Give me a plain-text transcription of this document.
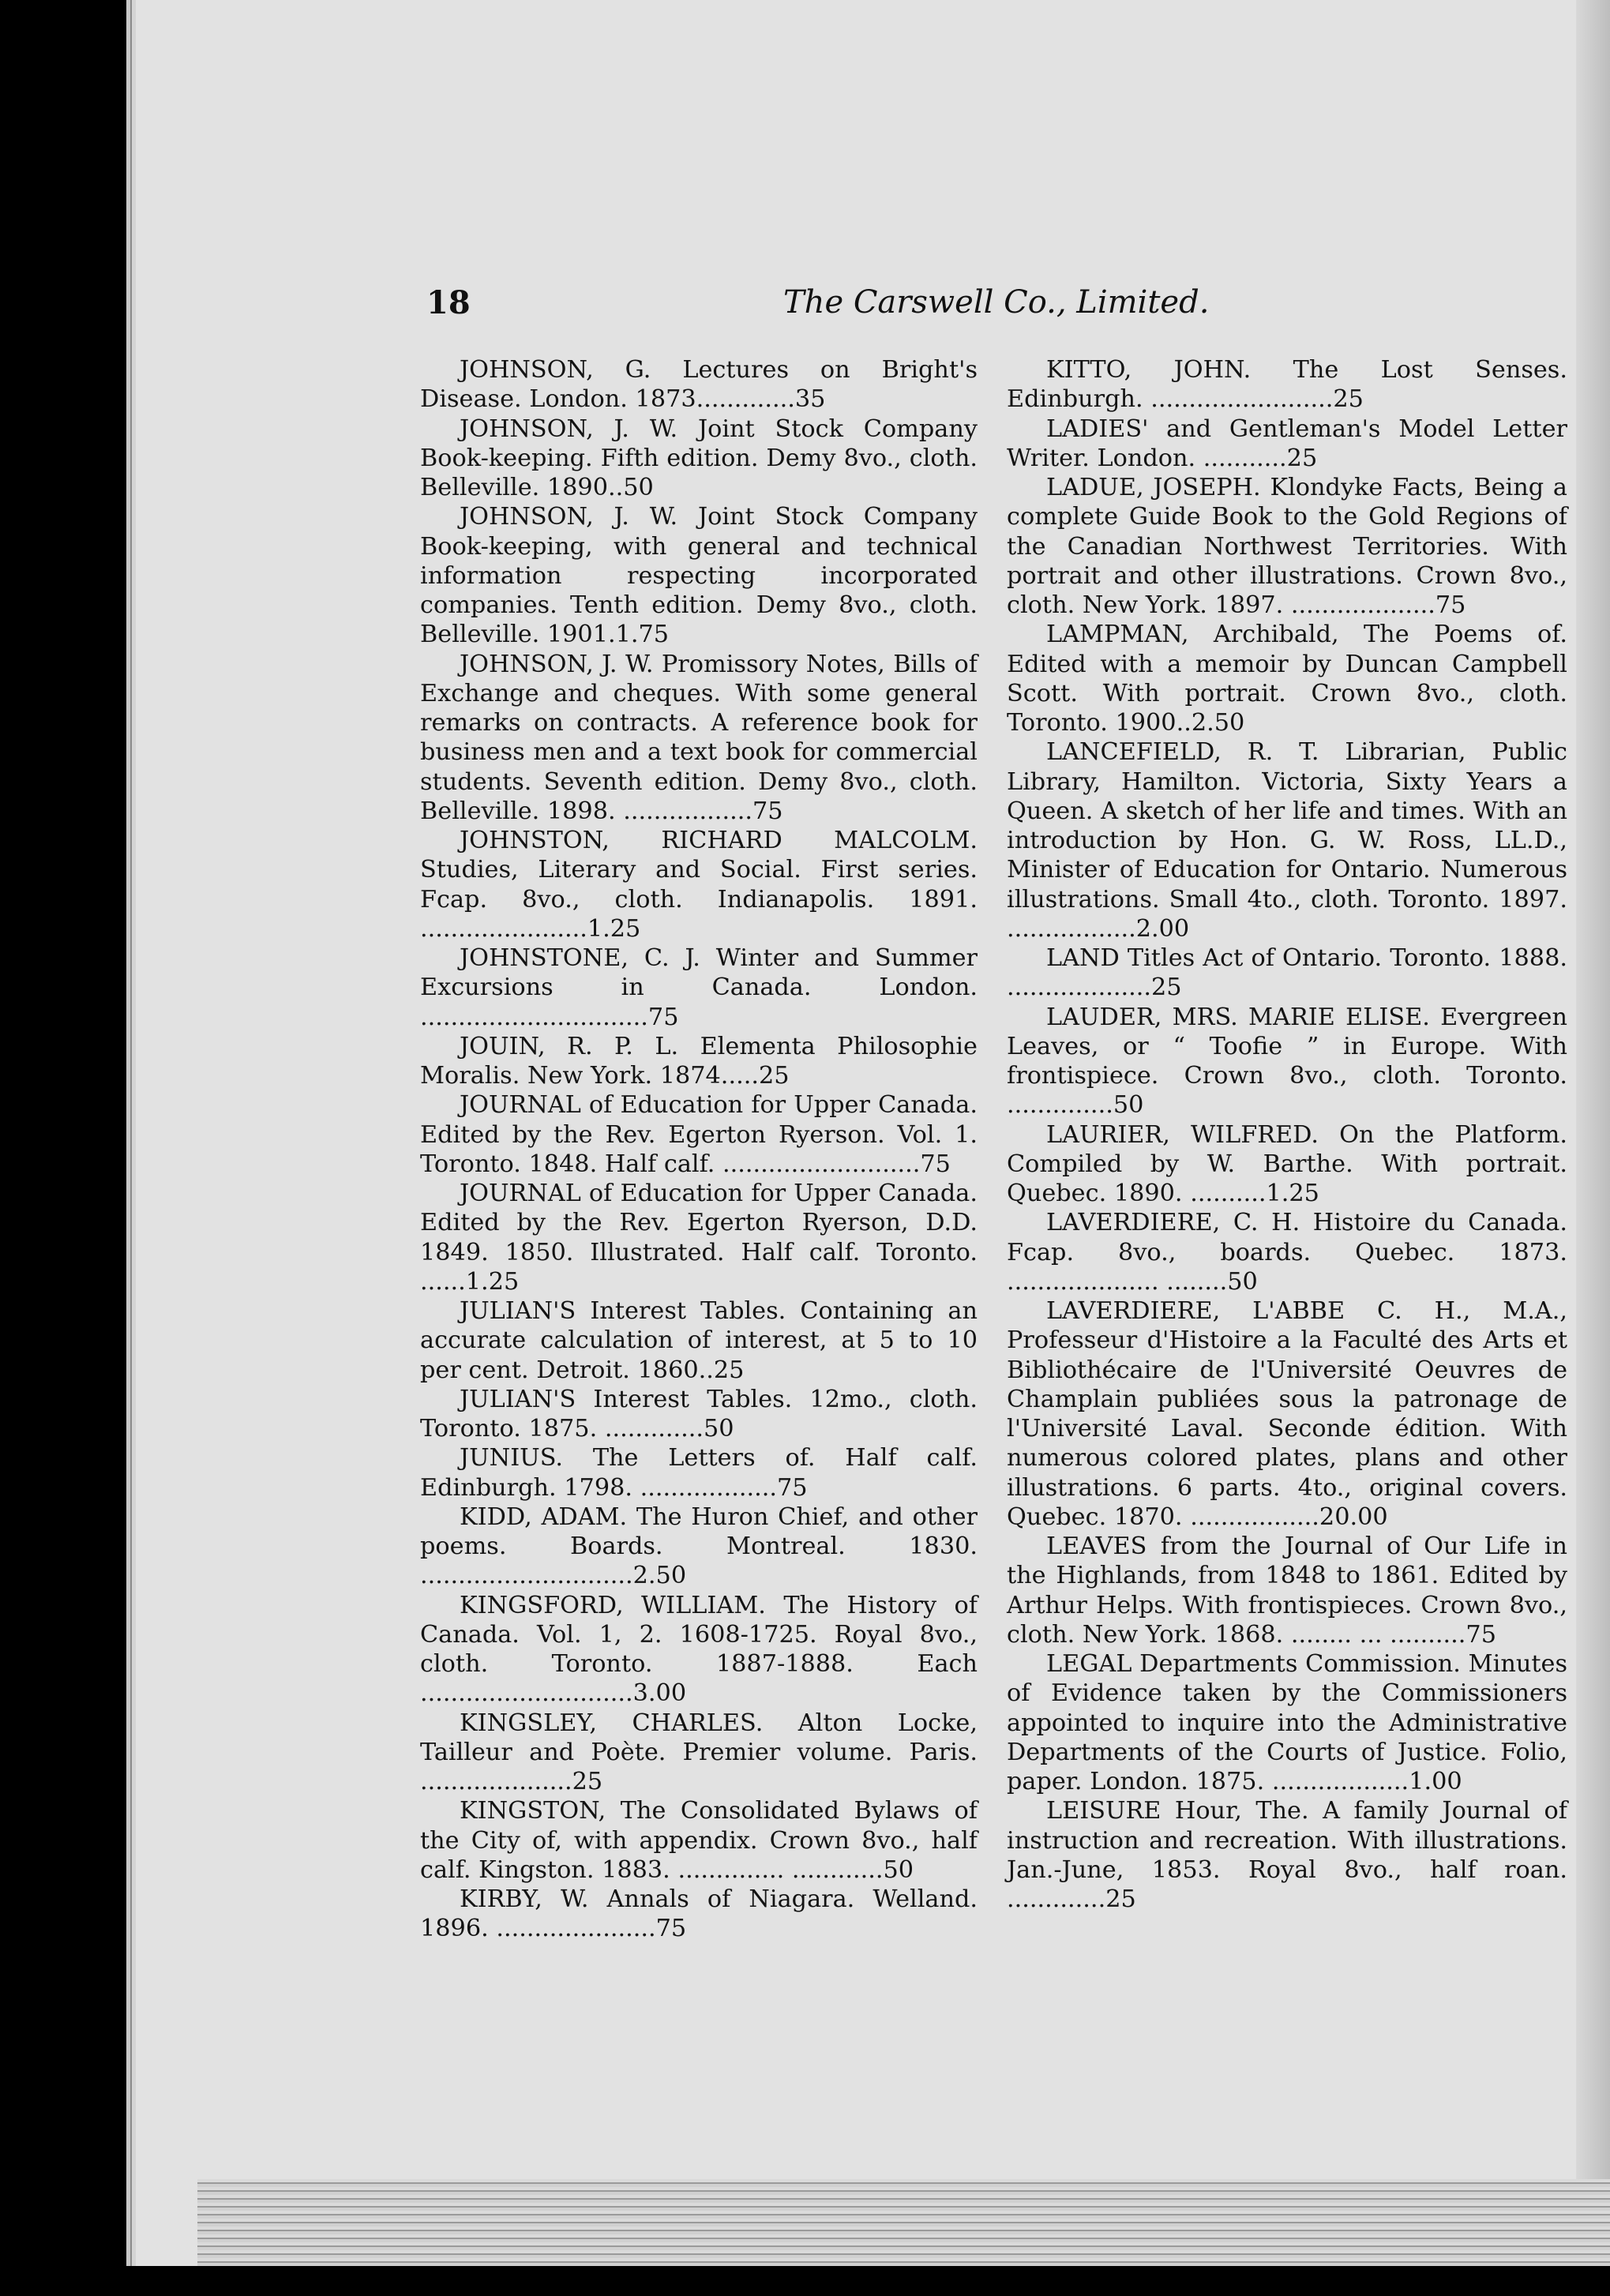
18	The Carswell Co., Limited.

JOHNSON, G. Lectures on Bright's Disease. London. 1873.............35

JOHNSON, J. W. Joint Stock Company Book-keeping. Fifth edition. Demy 8vo., cloth. Belleville. 1890..50

JOHNSON, J. W. Joint Stock Company Book-keeping, with general and technical information respecting incorporated companies. Tenth edition. Demy 8vo., cloth. Belleville. 1901.1.75

JOHNSON, J. W. Promissory Notes, Bills of Exchange and cheques. With some general remarks on contracts. A reference book for business men and a text book for commercial students. Seventh edition. Demy 8vo., cloth. Belleville. 1898. .................75

JOHNSTON, RICHARD MALCOLM. Studies, Literary and Social. First series. Fcap. 8vo., cloth. Indianapolis. 1891. ......................1.25

JOHNSTONE, C. J. Winter and Summer Excursions in Canada. London. ..............................75

JOUIN, R. P. L. Elementa Philosophie Moralis. New York. 1874.....25

JOURNAL of Education for Upper Canada. Edited by the Rev. Egerton Ryerson. Vol. 1. Toronto. 1848. Half calf. ..........................75

JOURNAL of Education for Upper Canada. Edited by the Rev. Egerton Ryerson, D.D. 1849. 1850. Illustrated. Half calf. Toronto. ......1.25

JULIAN'S Interest Tables. Containing an accurate calculation of interest, at 5 to 10 per cent. Detroit. 1860..25

JULIAN'S Interest Tables. 12mo., cloth. Toronto. 1875. .............50

JUNIUS. The Letters of. Half calf. Edinburgh. 1798. ..................75

KIDD, ADAM. The Huron Chief, and other poems. Boards. Montreal. 1830. ............................2.50

KINGSFORD, WILLIAM. The History of Canada. Vol. 1, 2. 1608-1725. Royal 8vo., cloth. Toronto. 1887-1888. Each ............................3.00

KINGSLEY, CHARLES. Alton Locke, Tailleur and Poète. Premier volume. Paris. ....................25

KINGSTON, The Consolidated Bylaws of the City of, with appendix. Crown 8vo., half calf. Kingston. 1883. .............. ............50

KIRBY, W. Annals of Niagara. Welland. 1896. .....................75

KITTO, JOHN. The Lost Senses. Edinburgh. ........................25

LADIES' and Gentleman's Model Letter Writer. London. ...........25

LADUE, JOSEPH. Klondyke Facts, Being a complete Guide Book to the Gold Regions of the Canadian Northwest Territories. With portrait and other illustrations. Crown 8vo., cloth. New York. 1897. ...................75

LAMPMAN, Archibald, The Poems of. Edited with a memoir by Duncan Campbell Scott. With portrait. Crown 8vo., cloth. Toronto. 1900..2.50

LANCEFIELD, R. T. Librarian, Public Library, Hamilton. Victoria, Sixty Years a Queen. A sketch of her life and times. With an introduction by Hon. G. W. Ross, LL.D., Minister of Education for Ontario. Numerous illustrations. Small 4to., cloth. Toronto. 1897. .................2.00

LAND Titles Act of Ontario. Toronto. 1888. ...................25

LAUDER, MRS. MARIE ELISE. Evergreen Leaves, or “ Toofie ” in Europe. With frontispiece. Crown 8vo., cloth. Toronto. ..............50

LAURIER, WILFRED. On the Platform. Compiled by W. Barthe. With portrait. Quebec. 1890. ..........1.25

LAVERDIERE, C. H. Histoire du Canada. Fcap. 8vo., boards. Quebec. 1873. .................... ........50

LAVERDIERE, L'ABBE C. H., M.A., Professeur d'Histoire a la Faculté des Arts et Bibliothécaire de l'Université Oeuvres de Champlain publiées sous la patronage de l'Université Laval. Seconde édition. With numerous colored plates, plans and other illustrations. 6 parts. 4to., original covers. Quebec. 1870. .................20.00

LEAVES from the Journal of Our Life in the Highlands, from 1848 to 1861. Edited by Arthur Helps. With frontispieces. Crown 8vo., cloth. New York. 1868. ........ ... ..........75

LEGAL Departments Commission. Minutes of Evidence taken by the Commissioners appointed to inquire into the Administrative Departments of the Courts of Justice. Folio, paper. London. 1875. ..................1.00

LEISURE Hour, The. A family Journal of instruction and recreation. With illustrations. Jan.-June, 1853. Royal 8vo., half roan. .............25
